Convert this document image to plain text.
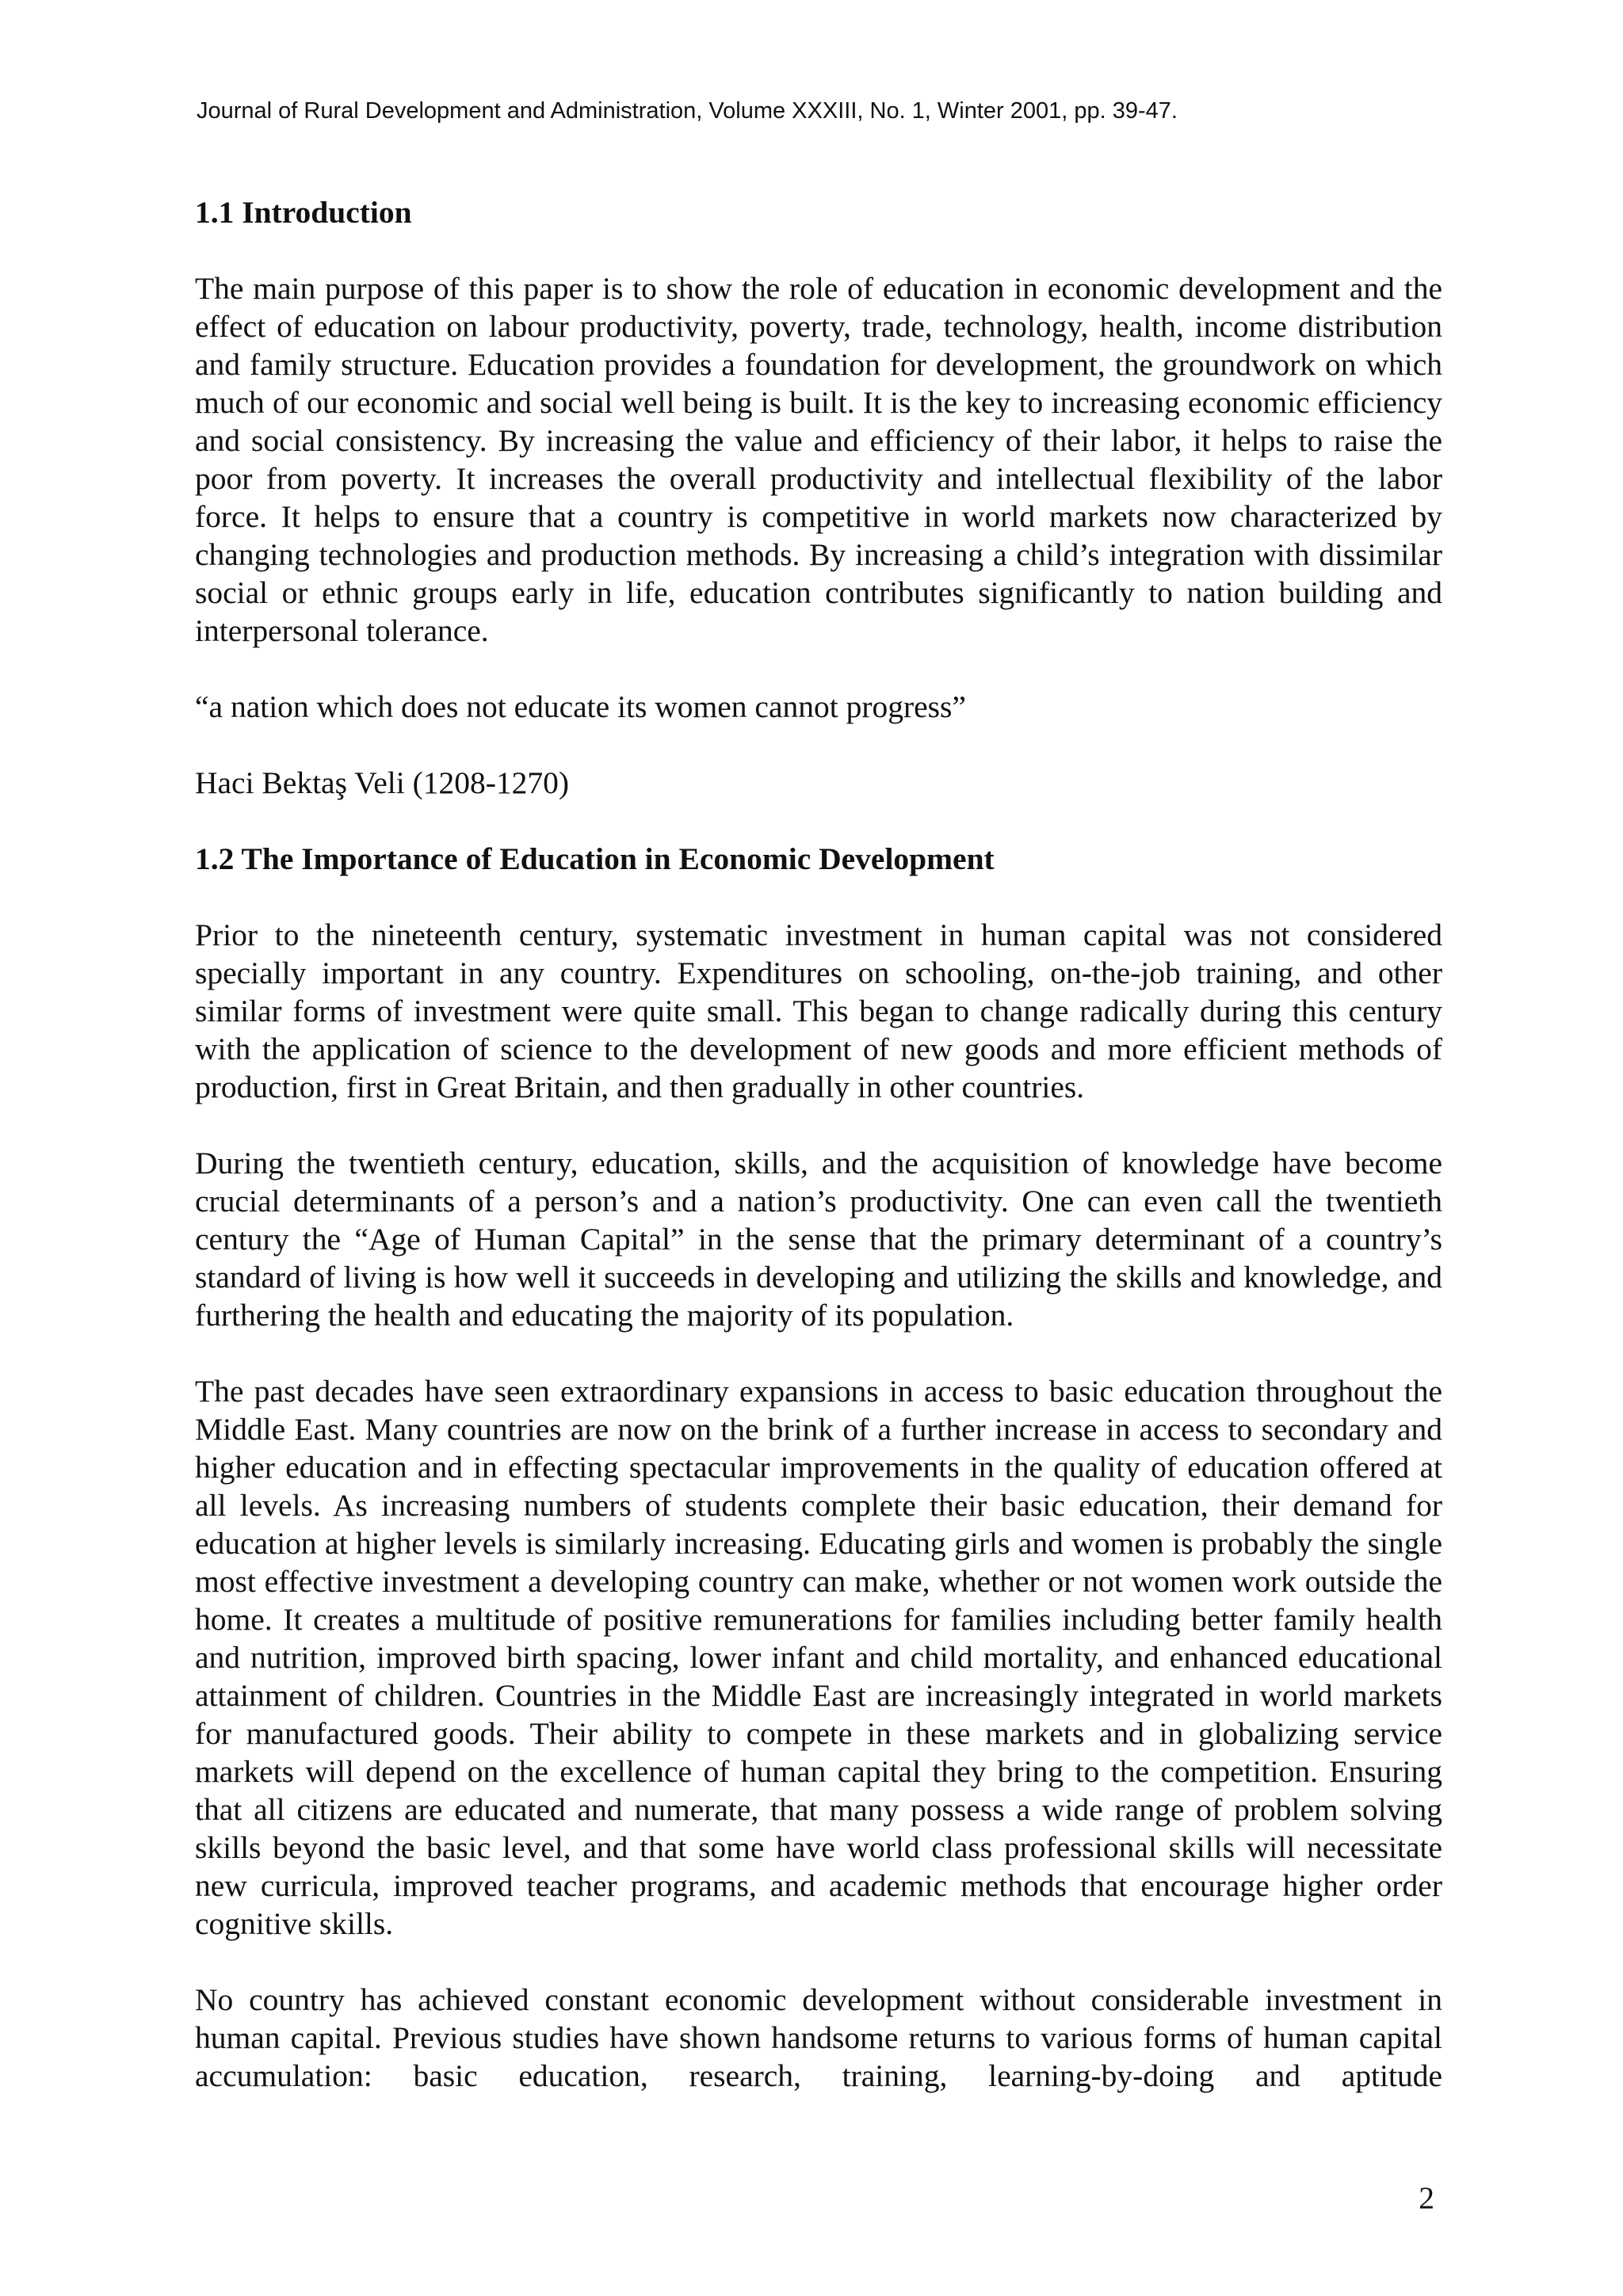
Journal of Rural Development and Administration, Volume XXXIII, No. 1, Winter 2001, pp. 39-47.
1.1 Introduction

The main purpose of this paper is to show the role of education in economic development and the effect of education on labour productivity, poverty, trade, technology, health, income distribution and family structure. Education provides a foundation for development, the groundwork on which much of our economic and social well being is built. It is the key to increasing economic efficiency and social consistency. By increasing the value and efficiency of their labor, it helps to raise the poor from poverty. It increases the overall productivity and intellectual flexibility of the labor force. It helps to ensure that a country is competitive in world markets now characterized by changing technologies and production methods. By increasing a child’s integration with dissimilar social or ethnic groups early in life, education contributes significantly to nation building and interpersonal tolerance.

“a nation which does not educate its women cannot progress”

Haci Bektaş Veli (1208-1270)

1.2 The Importance of Education in Economic Development

Prior to the nineteenth century, systematic investment in human capital was not considered specially important in any country. Expenditures on schooling, on-the-job training, and other similar forms of investment were quite small. This began to change radically during this century with the application of science to the development of new goods and more efficient methods of production, first in Great Britain, and then gradually in other countries.

During the twentieth century, education, skills, and the acquisition of knowledge have become crucial determinants of a person’s and a nation’s productivity. One can even call the twentieth century the “Age of Human Capital” in the sense that the primary determinant of a country’s standard of living is how well it succeeds in developing and utilizing the skills and knowledge, and furthering the health and educating the majority of its population.

The past decades have seen extraordinary expansions in access to basic education throughout the Middle East. Many countries are now on the brink of a further increase in access to secondary and higher education and in effecting spectacular improvements in the quality of education offered at all levels. As increasing numbers of students complete their basic education, their demand for education at higher levels is similarly increasing. Educating girls and women is probably the single most effective investment a developing country can make, whether or not women work outside the home. It creates a multitude of positive remunerations for families including better family health and nutrition, improved birth spacing, lower infant and child mortality, and enhanced educational attainment of children. Countries in the Middle East are increasingly integrated in world markets for manufactured goods. Their ability to compete in these markets and in globalizing service markets will depend on the excellence of human capital they bring to the competition. Ensuring that all citizens are educated and numerate, that many possess a wide range of problem solving skills beyond the basic level, and that some have world class professional skills will necessitate new curricula, improved teacher programs, and academic methods that encourage higher order cognitive skills.

No country has achieved constant economic development without considerable investment in human capital. Previous studies have shown handsome returns to various forms of human capital accumulation: basic education, research, training, learning-by-doing and aptitude

2
